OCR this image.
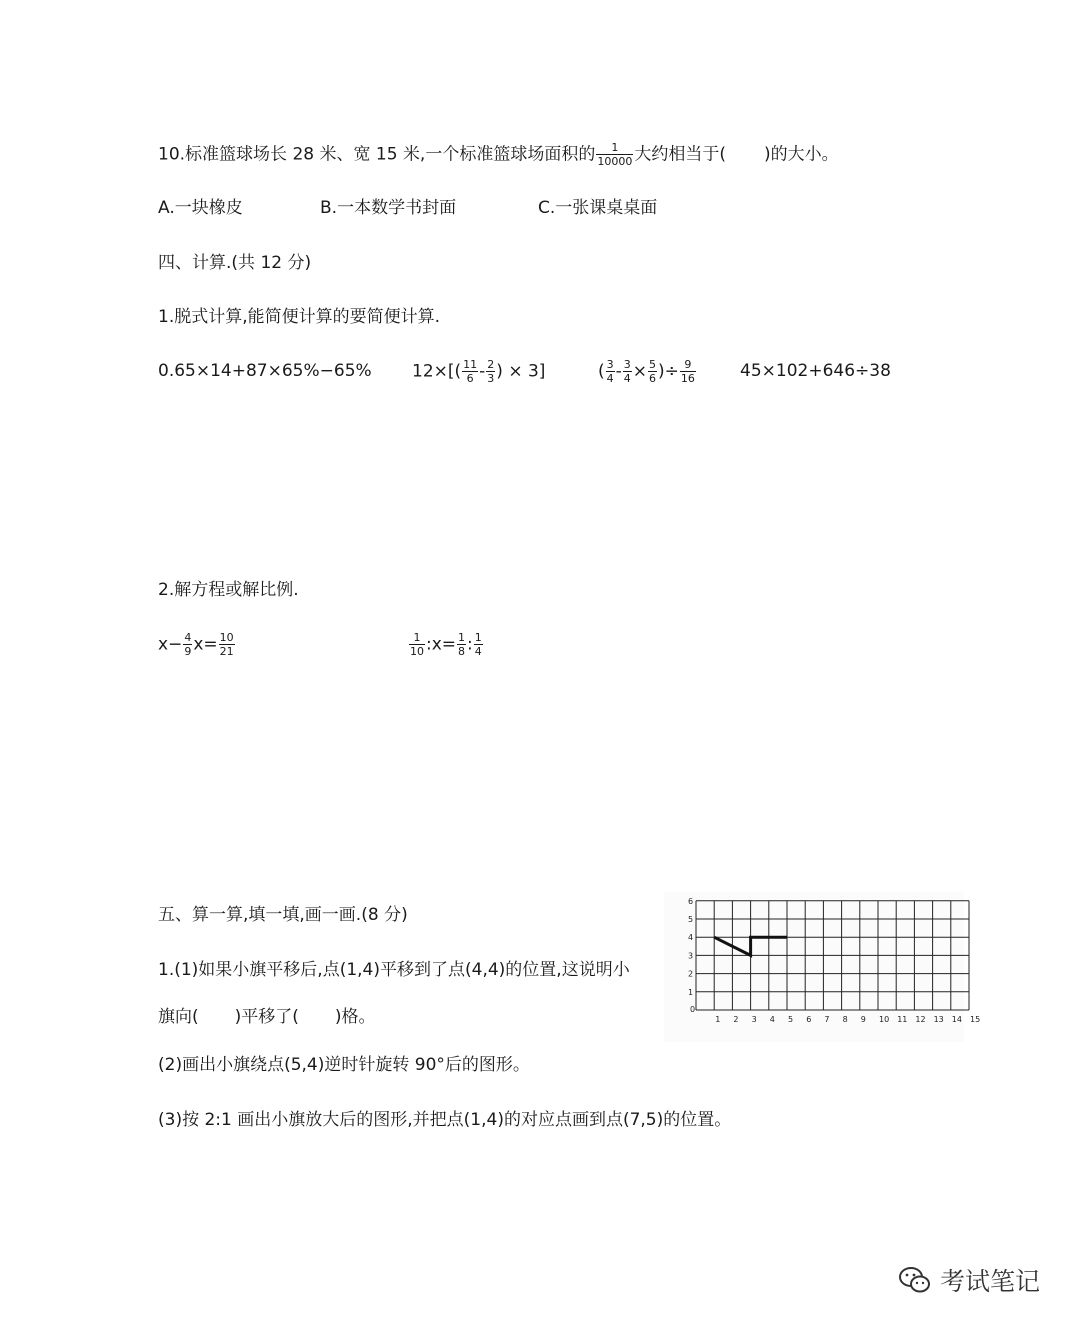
10.标准篮球场长 28 米、宽 15 米,一个标准篮球场面积的 $\frac{1}{10000}$ 大约相当于( )的大小。
A.一块橡皮	B.一本数学书封面	C.一张课桌桌面
四、计算.(共 12 分)
1.脱式计算,能简便计算的要简便计算.
0.65×14+87×65%−65% $12\times[( \frac{11}{6} - \frac{2}{3}$ ) × 3]	( $\frac{3}{4} - \frac{3}{4} \times \frac{5}{6}$ )÷ $\frac{9}{16}$	45×102+646÷38
2.解方程或解比例.
$x- \frac{4}{9} x= \frac{10}{21}$	$\frac{1}{10}$ :x= $\frac{1}{8}$ : $\frac{1}{4}$
五、算一算,填一填,画一画.(8 分)
1.(1)如果小旗平移后,点(1,4)平移到了点(4,4)的位置,这说明小
旗向( )平移了( )格。
(2)画出小旗绕点(5,4)逆时针旋转 90°后的图形。
(3)按 2:1 画出小旗放大后的图形,并把点(1,4)的对应点画到点(7,5)的位置。
0
1 2 3 4 5 6 7 8 9 10 11 12 13 14 15
1
2
3
4
5
6
考试笔记
